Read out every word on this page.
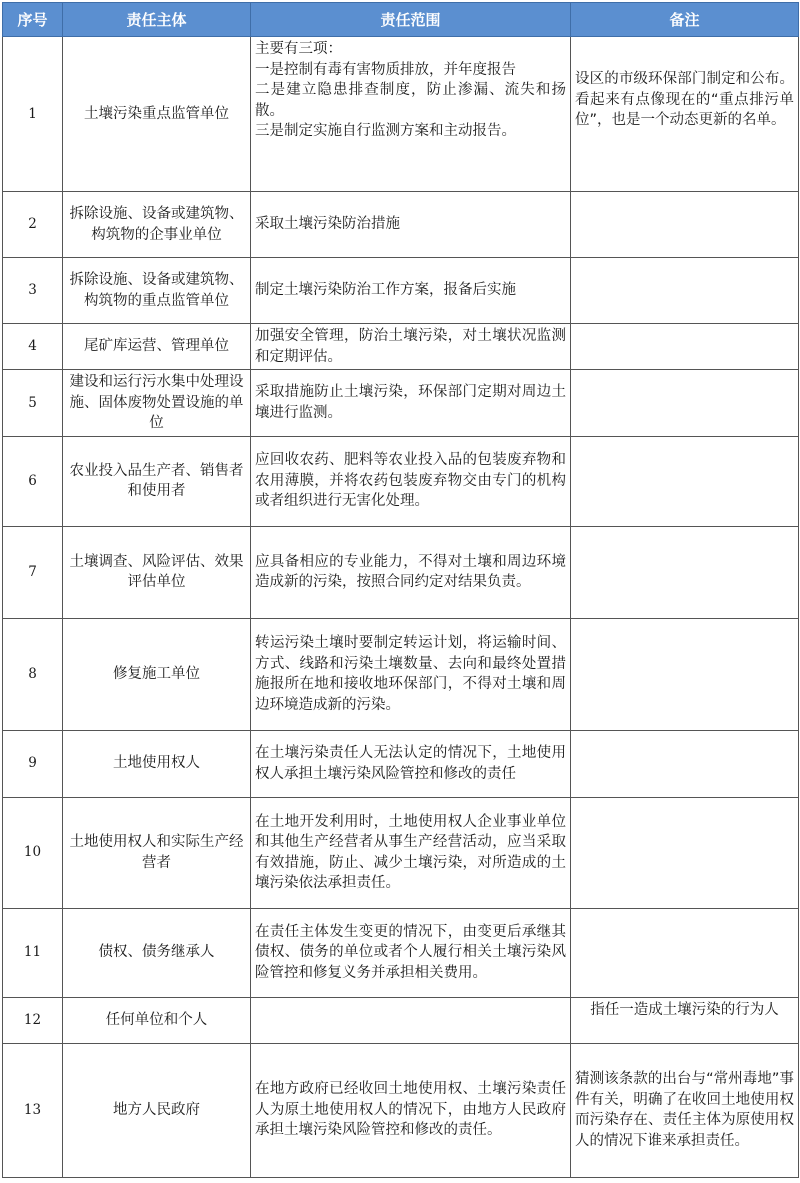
序号	责任主体	责任范围	备注
1	土壤污染重点监管单位	主要有三项：
一是控制有毒有害物质排放，并年度报告
二是建立隐患排查制度，防止渗漏、流失和扬散。
三是制定实施自行监测方案和主动报告。	设区的市级环保部门制定和公布。看起来有点像现在的“重点排污单位”，也是一个动态更新的名单。
2	拆除设施、设备或建筑物、构筑物的企事业单位	采取土壤污染防治措施	
3	拆除设施、设备或建筑物、构筑物的重点监管单位	制定土壤污染防治工作方案，报备后实施	
4	尾矿库运营、管理单位	加强安全管理，防治土壤污染，对土壤状况监测和定期评估。	
5	建设和运行污水集中处理设施、固体废物处置设施的单位	采取措施防止土壤污染，环保部门定期对周边土壤进行监测。	
6	农业投入品生产者、销售者和使用者	应回收农药、肥料等农业投入品的包装废弃物和农用薄膜，并将农药包装废弃物交由专门的机构或者组织进行无害化处理。	
7	土壤调查、风险评估、效果评估单位	应具备相应的专业能力，不得对土壤和周边环境造成新的污染，按照合同约定对结果负责。	
8	修复施工单位	转运污染土壤时要制定转运计划，将运输时间、方式、线路和污染土壤数量、去向和最终处置措施报所在地和接收地环保部门，不得对土壤和周边环境造成新的污染。	
9	土地使用权人	在土壤污染责任人无法认定的情况下，土地使用权人承担土壤污染风险管控和修改的责任	
10	土地使用权人和实际生产经营者	在土地开发利用时，土地使用权人企业事业单位和其他生产经营者从事生产经营活动，应当采取有效措施，防止、减少土壤污染，对所造成的土壤污染依法承担责任。	
11	债权、债务继承人	在责任主体发生变更的情况下，由变更后承继其债权、债务的单位或者个人履行相关土壤污染风险管控和修复义务并承担相关费用。	
12	任何单位和个人		指任一造成土壤污染的行为人
13	地方人民政府	在地方政府已经收回土地使用权、土壤污染责任人为原土地使用权人的情况下，由地方人民政府承担土壤污染风险管控和修改的责任。	猜测该条款的出台与“常州毒地”事件有关，明确了在收回土地使用权而污染存在、责任主体为原使用权人的情况下谁来承担责任。
